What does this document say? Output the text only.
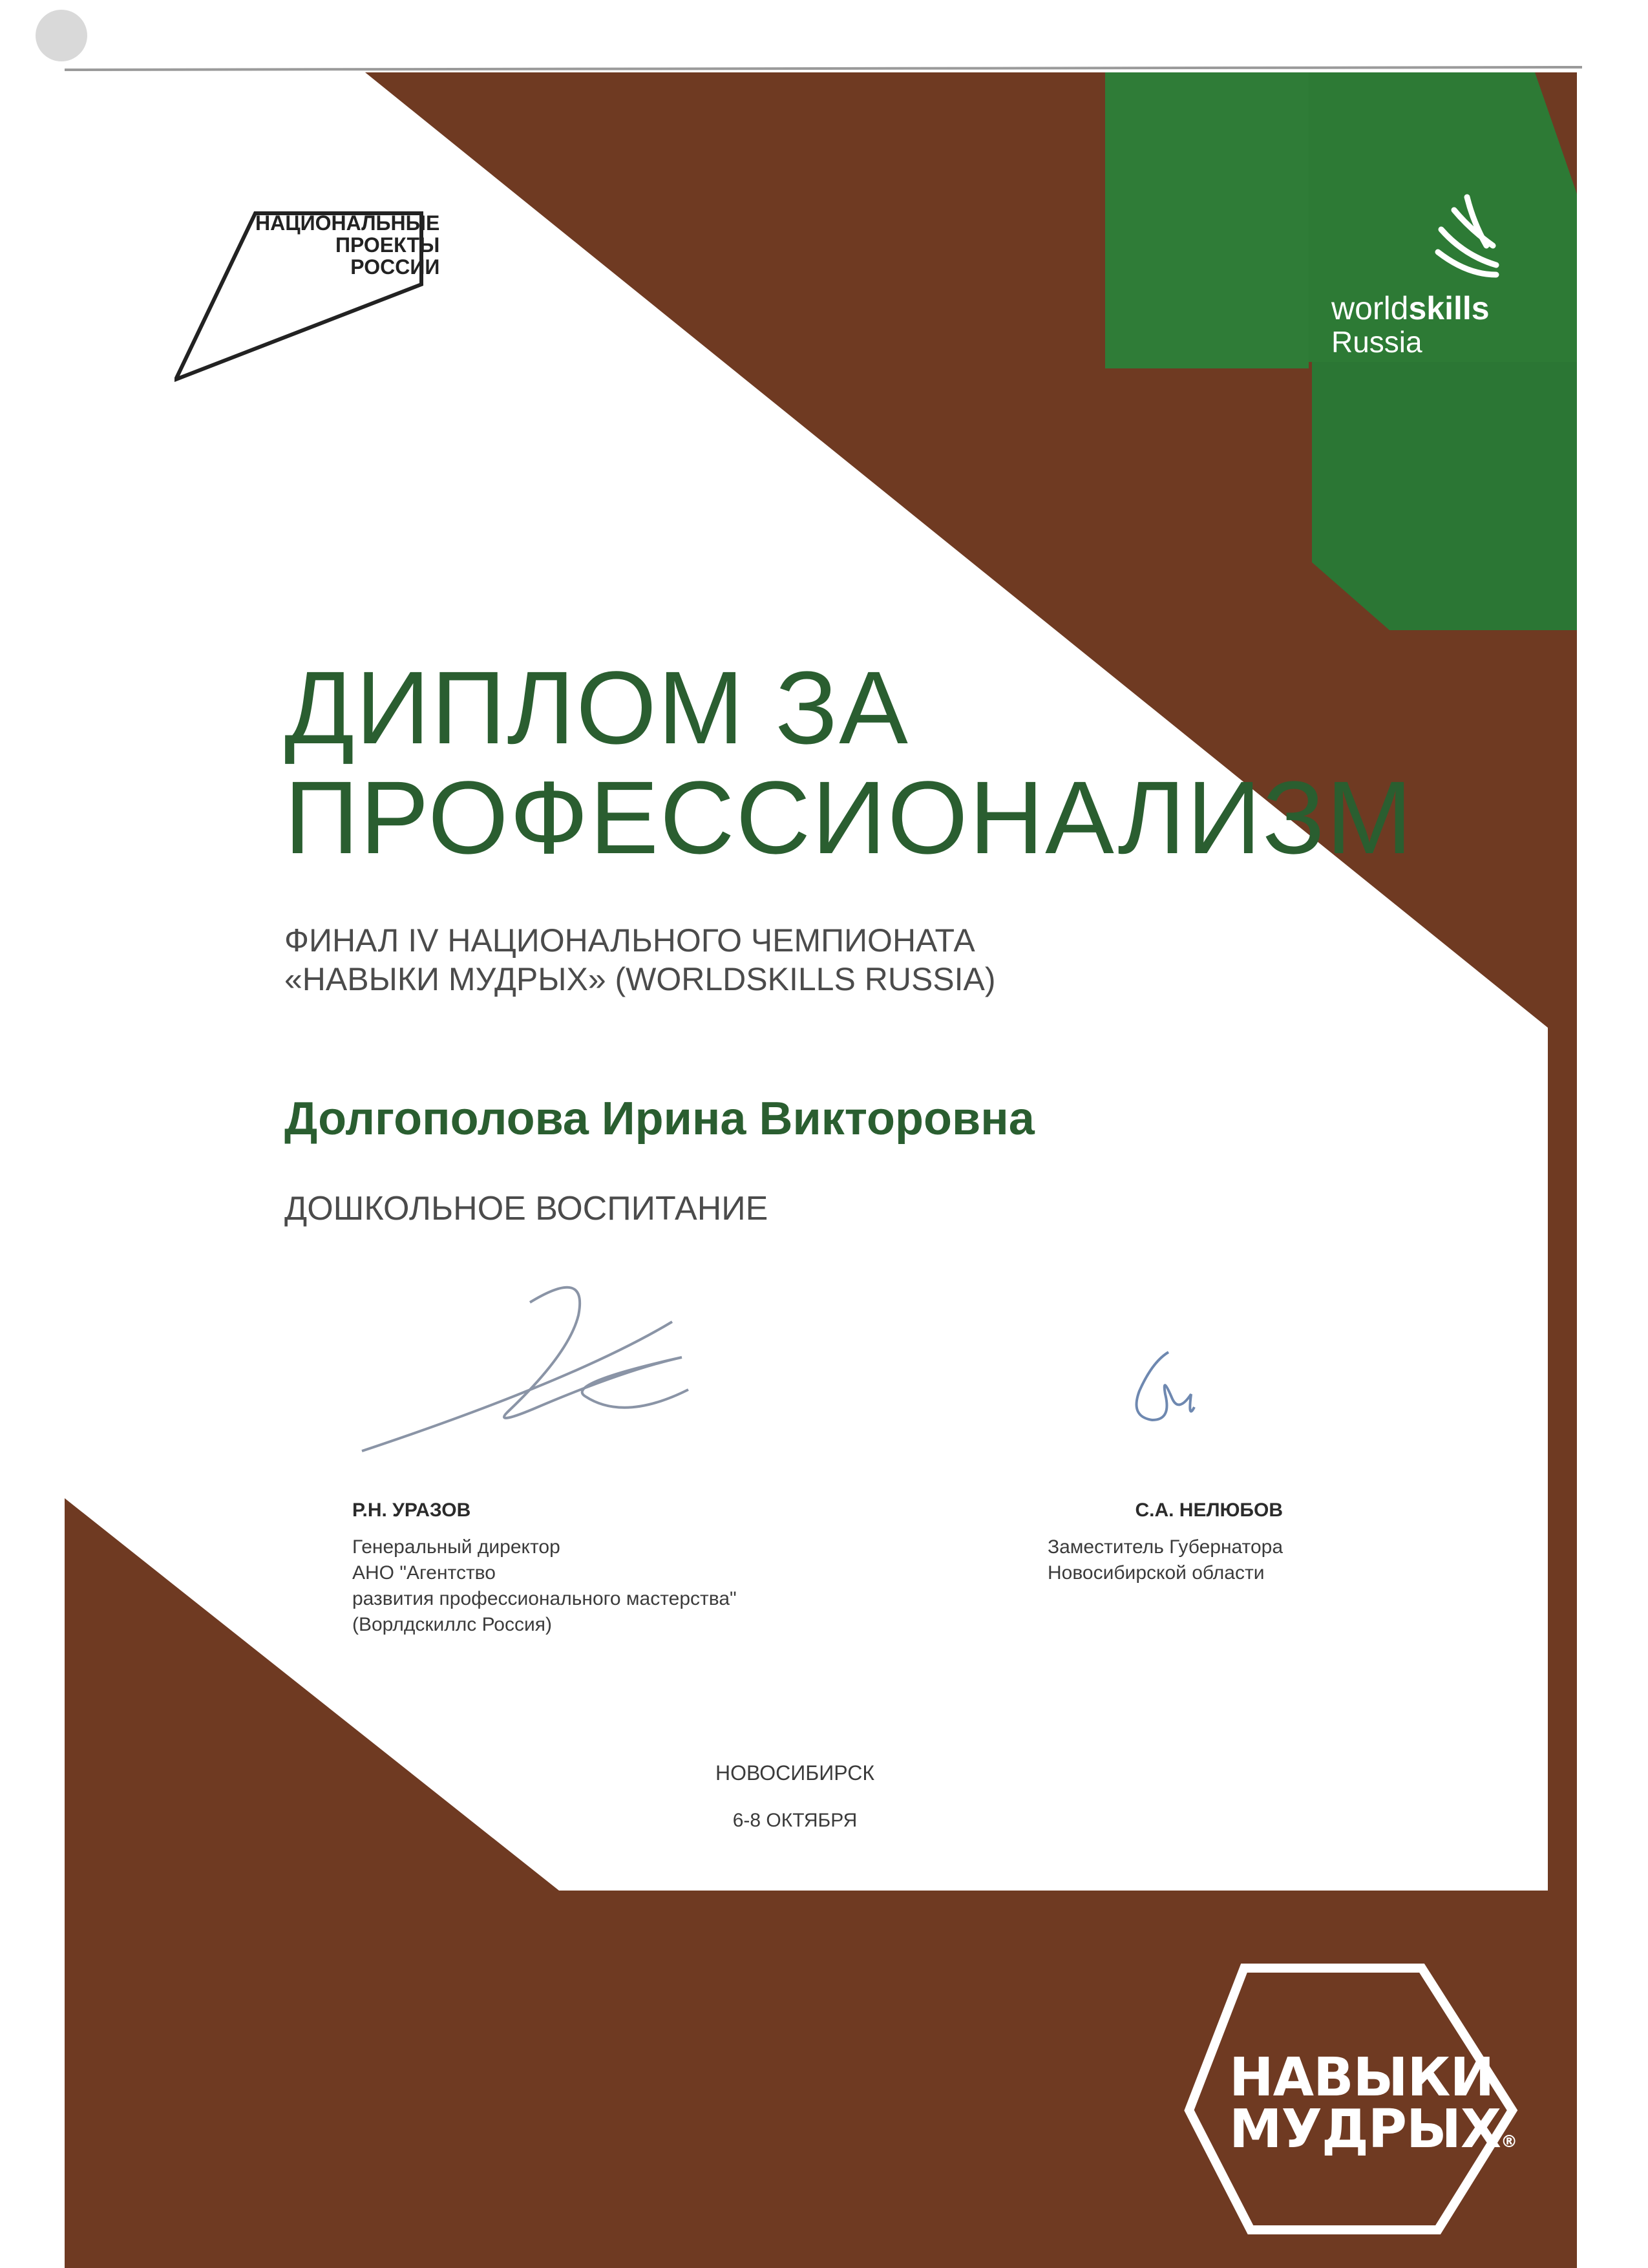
НАЦИОНАЛЬНЫЕ
ПРОЕКТЫ
РОССИИ
worldskills
Russia
ДИПЛОМ ЗА
ПРОФЕССИОНАЛИЗМ
ФИНАЛ IV НАЦИОНАЛЬНОГО ЧЕМПИОНАТА
«НАВЫКИ МУДРЫХ» (WORLDSKILLS RUSSIA)
Долгополова Ирина Викторовна
ДОШКОЛЬНОЕ ВОСПИТАНИЕ
Р.Н. УРАЗОВ
Генеральный директор
АНО "Агентство
развития профессионального мастерства"
(Ворлдскиллс Россия)
С.А. НЕЛЮБОВ
Заместитель Губернатора
Новосибирской области
НОВОСИБИРСК
6-8 ОКТЯБРЯ
НАВЫКИ
МУДРЫХ®
